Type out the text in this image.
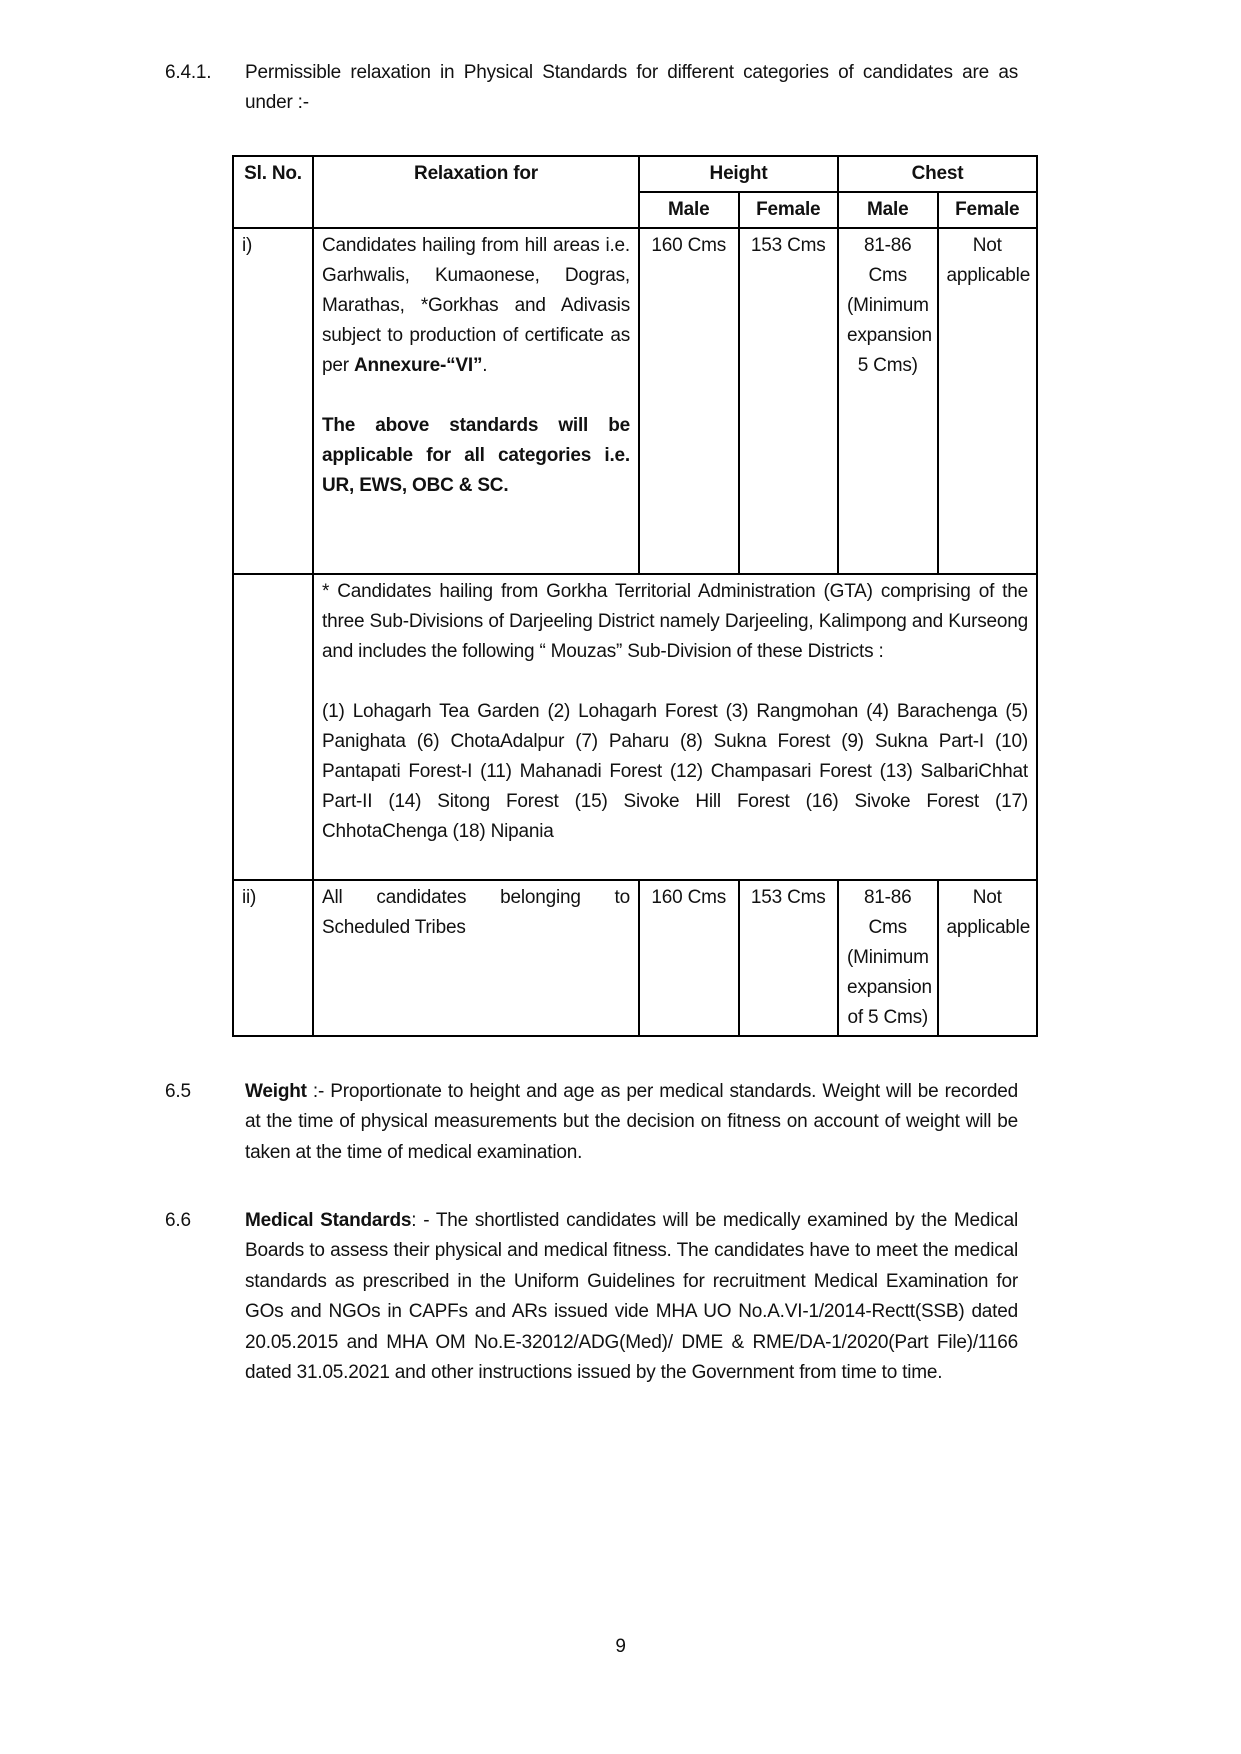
6.4.1.	Permissible relaxation in Physical Standards for different categories of candidates are as under :-

Sl. No.	Relaxation for	Height		Chest	
		Male	Female	Male	Female
i)	Candidates hailing from hill areas i.e. Garhwalis, Kumaonese, Dogras, Marathas, *Gorkhas and Adivasis subject to production of certificate as per Annexure-“VI”.
The above standards will be applicable for all categories i.e. UR, EWS, OBC & SC.	160 Cms	153 Cms	81-86 Cms (Minimum expansion 5 Cms)	Not applicable

	* Candidates hailing from Gorkha Territorial Administration (GTA) comprising of the three Sub-Divisions of Darjeeling District namely Darjeeling, Kalimpong and Kurseong and includes the following “ Mouzas” Sub-Division of these Districts :
(1) Lohagarh Tea Garden (2) Lohagarh Forest (3) Rangmohan (4) Barachenga (5) Panighata (6) ChotaAdalpur (7) Paharu (8) Sukna Forest (9) Sukna Part-I (10) Pantapati Forest-I (11) Mahanadi Forest (12) Champasari Forest (13) SalbariChhat Part-II (14) Sitong Forest (15) Sivoke Hill Forest (16) Sivoke Forest (17) ChhotaChenga (18) Nipania				

ii)	All candidates belonging to Scheduled Tribes	160 Cms	153 Cms	81-86 Cms (Minimum expansion of 5 Cms)	Not applicable
6.5	Weight :- Proportionate to height and age as per medical standards. Weight will be recorded at the time of physical measurements but the decision on fitness on account of weight will be taken at the time of medical examination.

6.6	Medical Standards: - The shortlisted candidates will be medically examined by the Medical Boards to assess their physical and medical fitness. The candidates have to meet the medical standards as prescribed in the Uniform Guidelines for recruitment Medical Examination for GOs and NGOs in CAPFs and ARs issued vide MHA UO No.A.VI-1/2014-Rectt(SSB) dated 20.05.2015 and MHA OM No.E-32012/ADG(Med)/ DME & RME/DA-1/2020(Part File)/1166 dated 31.05.2021 and other instructions issued by the Government from time to time.

9
